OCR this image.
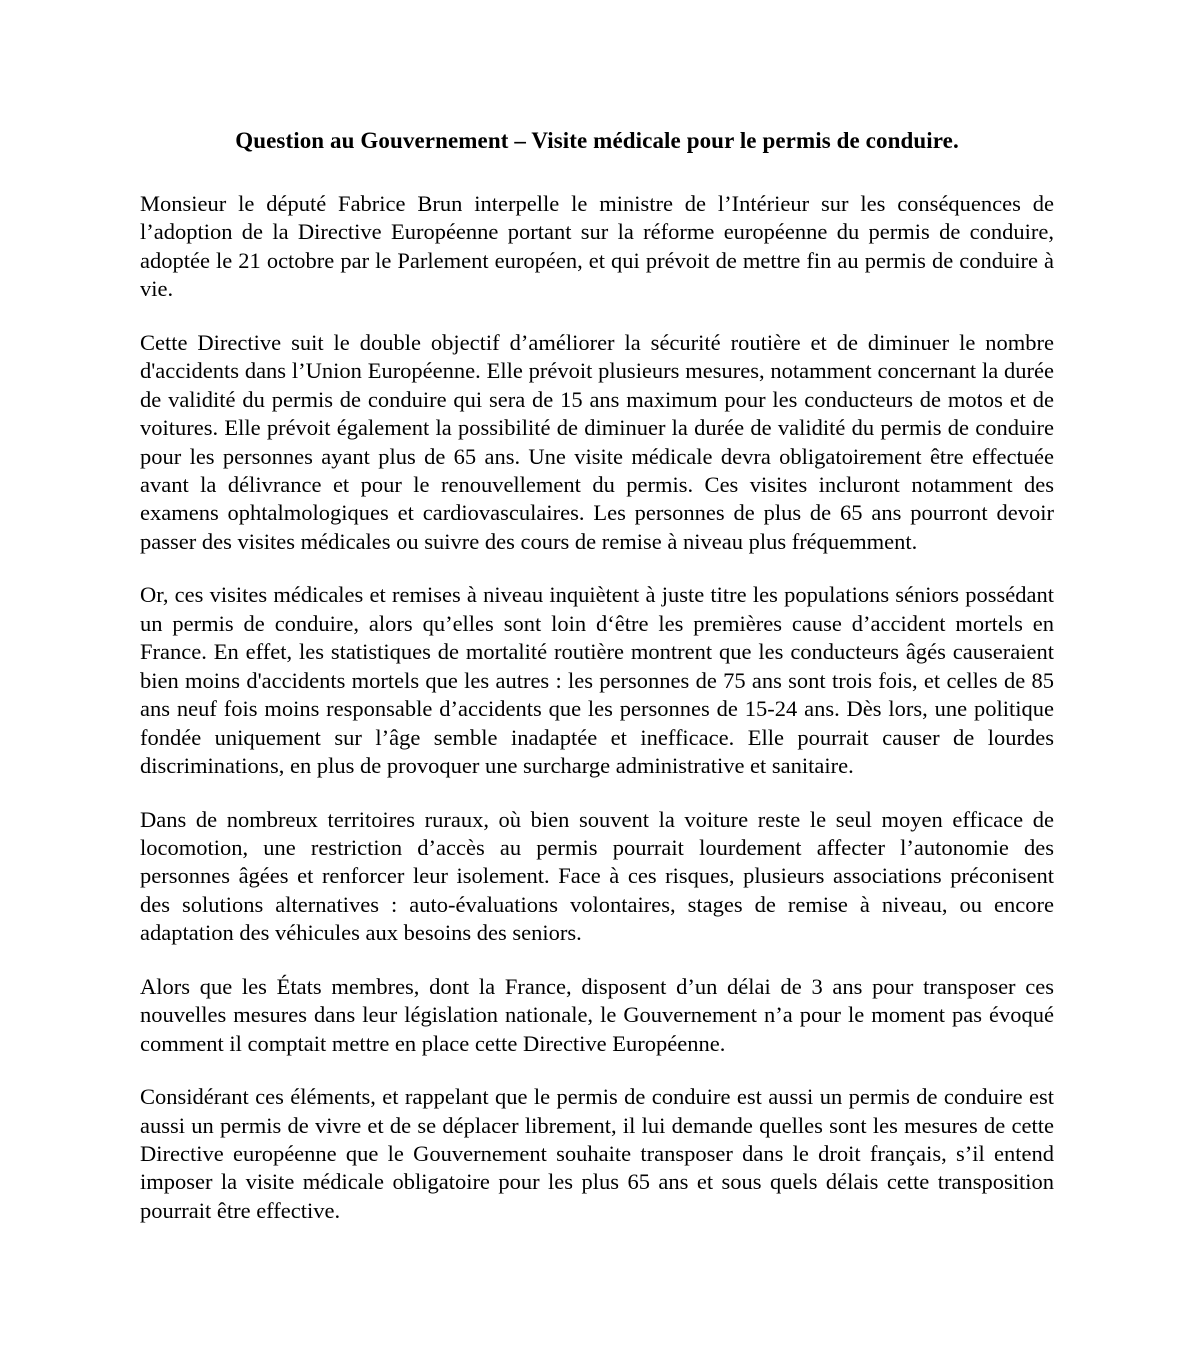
Question au Gouvernement – Visite médicale pour le permis de conduire.

Monsieur le député Fabrice Brun interpelle le ministre de l’Intérieur sur les conséquences de l’adoption de la Directive Européenne portant sur la réforme européenne du permis de conduire, adoptée le 21 octobre par le Parlement européen, et qui prévoit de mettre fin au permis de conduire à vie.

Cette Directive suit le double objectif d’améliorer la sécurité routière et de diminuer le nombre d'accidents dans l’Union Européenne. Elle prévoit plusieurs mesures, notamment concernant la durée de validité du permis de conduire qui sera de 15 ans maximum pour les conducteurs de motos et de voitures. Elle prévoit également la possibilité de diminuer la durée de validité du permis de conduire pour les personnes ayant plus de 65 ans. Une visite médicale devra obligatoirement être effectuée avant la délivrance et pour le renouvellement du permis. Ces visites incluront notamment des examens ophtalmologiques et cardiovasculaires. Les personnes de plus de 65 ans pourront devoir passer des visites médicales ou suivre des cours de remise à niveau plus fréquemment.

Or, ces visites médicales et remises à niveau inquiètent à juste titre les populations séniors possédant un permis de conduire, alors qu’elles sont loin d‘être les premières cause d’accident mortels en France. En effet, les statistiques de mortalité routière montrent que les conducteurs âgés causeraient bien moins d'accidents mortels que les autres : les personnes de 75 ans sont trois fois, et celles de 85 ans neuf fois moins responsable d’accidents que les personnes de 15-24 ans. Dès lors, une politique fondée uniquement sur l’âge semble inadaptée et inefficace. Elle pourrait causer de lourdes discriminations, en plus de provoquer une surcharge administrative et sanitaire.

Dans de nombreux territoires ruraux, où bien souvent la voiture reste le seul moyen efficace de locomotion, une restriction d’accès au permis pourrait lourdement affecter l’autonomie des personnes âgées et renforcer leur isolement. Face à ces risques, plusieurs associations préconisent des solutions alternatives : auto-évaluations volontaires, stages de remise à niveau, ou encore adaptation des véhicules aux besoins des seniors.

Alors que les États membres, dont la France, disposent d’un délai de 3 ans pour transposer ces nouvelles mesures dans leur législation nationale, le Gouvernement n’a pour le moment pas évoqué comment il comptait mettre en place cette Directive Européenne.

Considérant ces éléments, et rappelant que le permis de conduire est aussi un permis de conduire est aussi un permis de vivre et de se déplacer librement, il lui demande quelles sont les mesures de cette Directive européenne que le Gouvernement souhaite transposer dans le droit français, s’il entend imposer la visite médicale obligatoire pour les plus 65 ans et sous quels délais cette transposition pourrait être effective.
